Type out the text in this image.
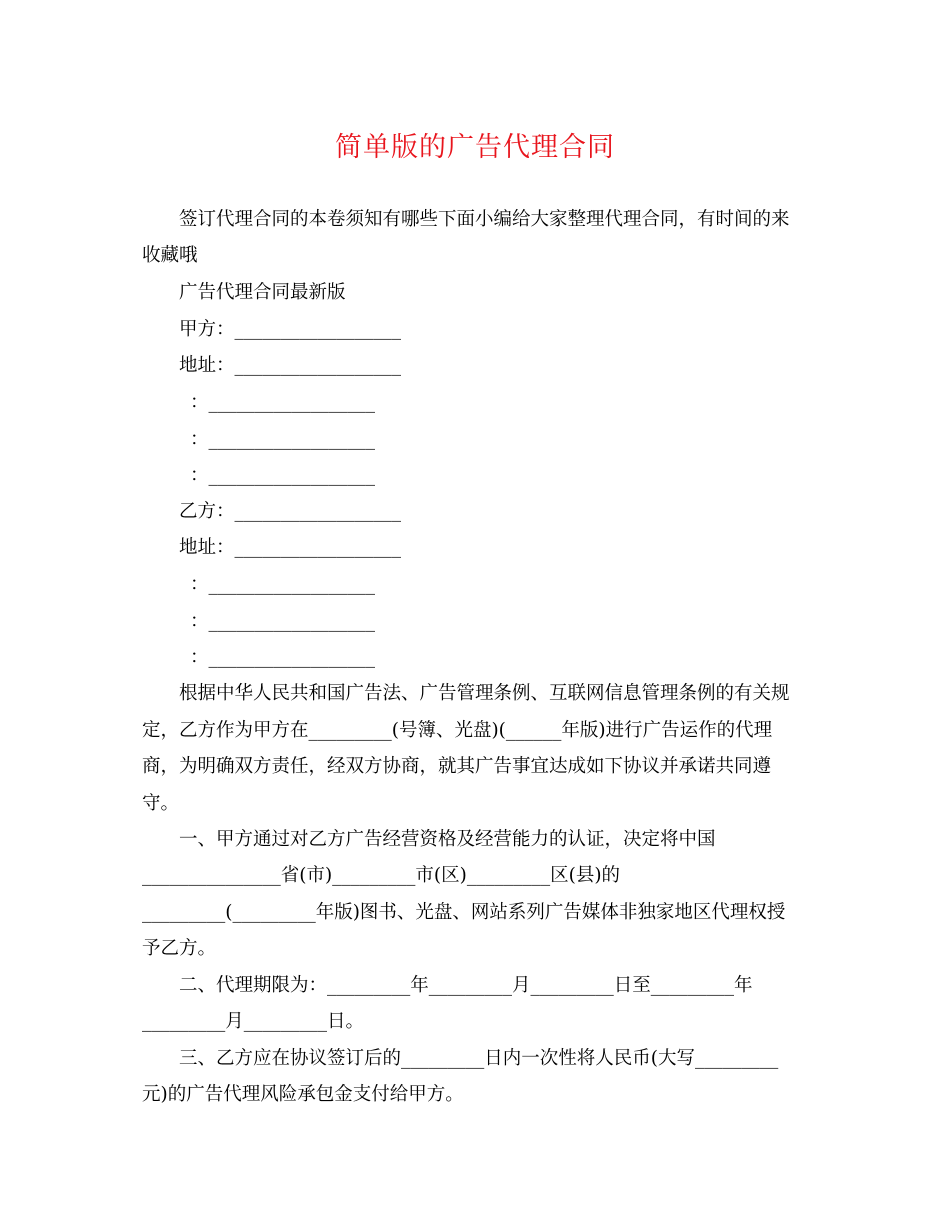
简单版的广告代理合同
签订代理合同的本卷须知有哪些下面小编给大家整理代理合同，有时间的来
收藏哦
广告代理合同最新版
甲方：__________________
地址：__________________
：__________________
：__________________
：__________________
乙方：__________________
地址：__________________
：__________________
：__________________
：__________________
根据中华人民共和国广告法、广告管理条例、互联网信息管理条例的有关规
定，乙方作为甲方在_________(号簿、光盘)(______年版)进行广告运作的代理
商，为明确双方责任，经双方协商，就其广告事宜达成如下协议并承诺共同遵
守。
一、甲方通过对乙方广告经营资格及经营能力的认证，决定将中国
_______________省(市)_________市(区)_________区(县)的
_________(_________年版)图书、光盘、网站系列广告媒体非独家地区代理权授
予乙方。
二、代理期限为：_________年_________月_________日至_________年
_________月_________日。
三、乙方应在协议签订后的_________日内一次性将人民币(大写_________
元)的广告代理风险承包金支付给甲方。
